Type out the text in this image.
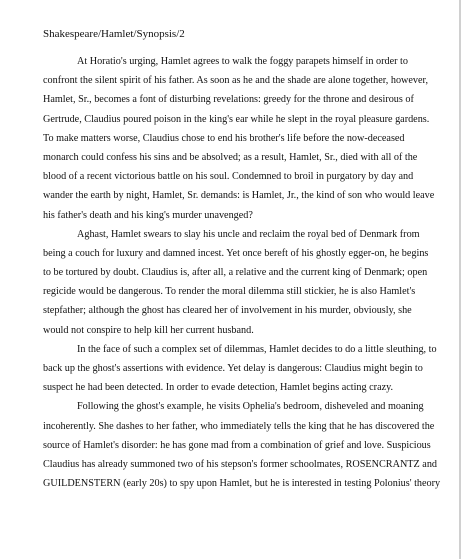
Shakespeare/Hamlet/Synopsis/2
At Horatio's urging, Hamlet agrees to walk the foggy parapets himself in order to
confront the silent spirit of his father. As soon as he and the shade are alone together, however,
Hamlet, Sr., becomes a font of disturbing revelations: greedy for the throne and desirous of
Gertrude, Claudius poured poison in the king's ear while he slept in the royal pleasure gardens.
To make matters worse, Claudius chose to end his brother's life before the now-deceased
monarch could confess his sins and be absolved; as a result, Hamlet, Sr., died with all of the
blood of a recent victorious battle on his soul. Condemned to broil in purgatory by day and
wander the earth by night, Hamlet, Sr. demands: is Hamlet, Jr., the kind of son who would leave
his father's death and his king's murder unavenged?
Aghast, Hamlet swears to slay his uncle and reclaim the royal bed of Denmark from
being a couch for luxury and damned incest. Yet once bereft of his ghostly egger-on, he begins
to be tortured by doubt. Claudius is, after all, a relative and the current king of Denmark; open
regicide would be dangerous. To render the moral dilemma still stickier, he is also Hamlet's
stepfather; although the ghost has cleared her of involvement in his murder, obviously, she
would not conspire to help kill her current husband.
In the face of such a complex set of dilemmas, Hamlet decides to do a little sleuthing, to
back up the ghost's assertions with evidence. Yet delay is dangerous: Claudius might begin to
suspect he had been detected. In order to evade detection, Hamlet begins acting crazy.
Following the ghost's example, he visits Ophelia's bedroom, disheveled and moaning
incoherently. She dashes to her father, who immediately tells the king that he has discovered the
source of Hamlet's disorder: he has gone mad from a combination of grief and love. Suspicious
Claudius has already summoned two of his stepson's former schoolmates, ROSENCRANTZ and
GUILDENSTERN (early 20s) to spy upon Hamlet, but he is interested in testing Polonius' theory
